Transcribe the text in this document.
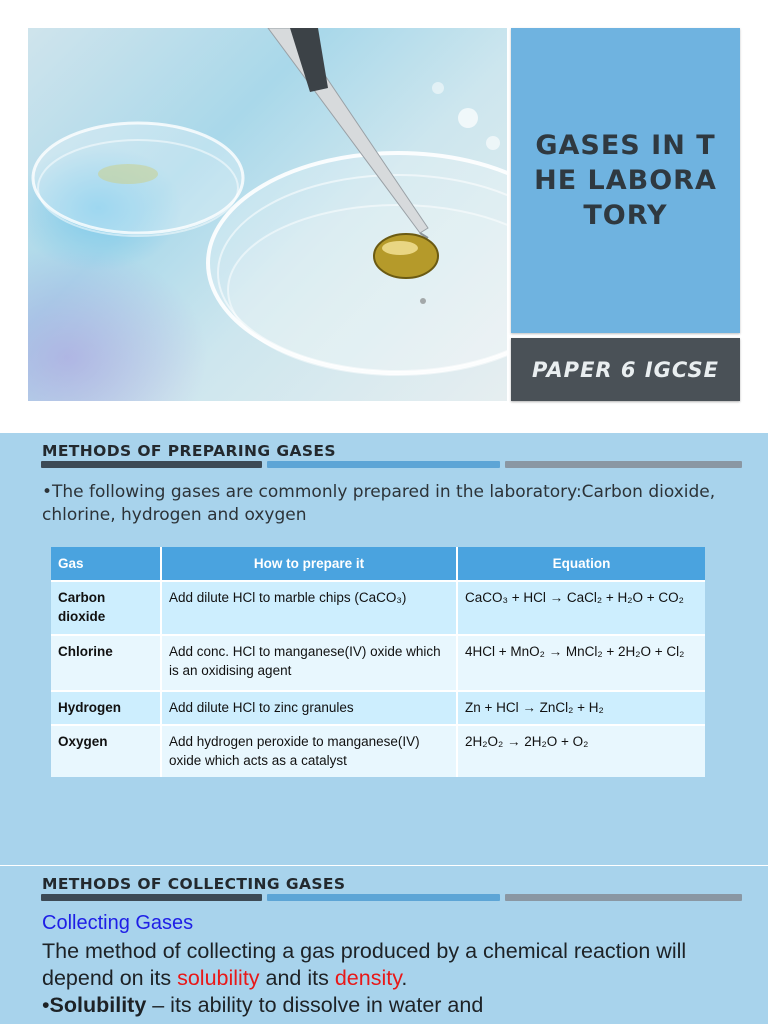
GASES IN THE LABORATORY
PAPER 6 IGCSE
METHODS OF PREPARING GASES
•The following gases are commonly prepared in the laboratory:Carbon dioxide, chlorine, hydrogen and oxygen
Gas	How to prepare it	Equation
Carbon dioxide	Add dilute HCl to marble chips (CaCO₃)	CaCO₃ + HCl → CaCl₂ + H₂O + CO₂
Chlorine	Add conc. HCl to manganese(IV) oxide which is an oxidising agent	4HCl + MnO₂ → MnCl₂ + 2H₂O + Cl₂
Hydrogen	Add dilute HCl to zinc granules	Zn + HCl → ZnCl₂ + H₂
Oxygen	Add hydrogen peroxide to manganese(IV) oxide which acts as a catalyst	2H₂O₂ → 2H₂O + O₂
METHODS OF COLLECTING GASES
Collecting Gases
The method of collecting a gas produced by a chemical reaction will depend on its solubility and its density.
•Solubility – its ability to dissolve in water and
